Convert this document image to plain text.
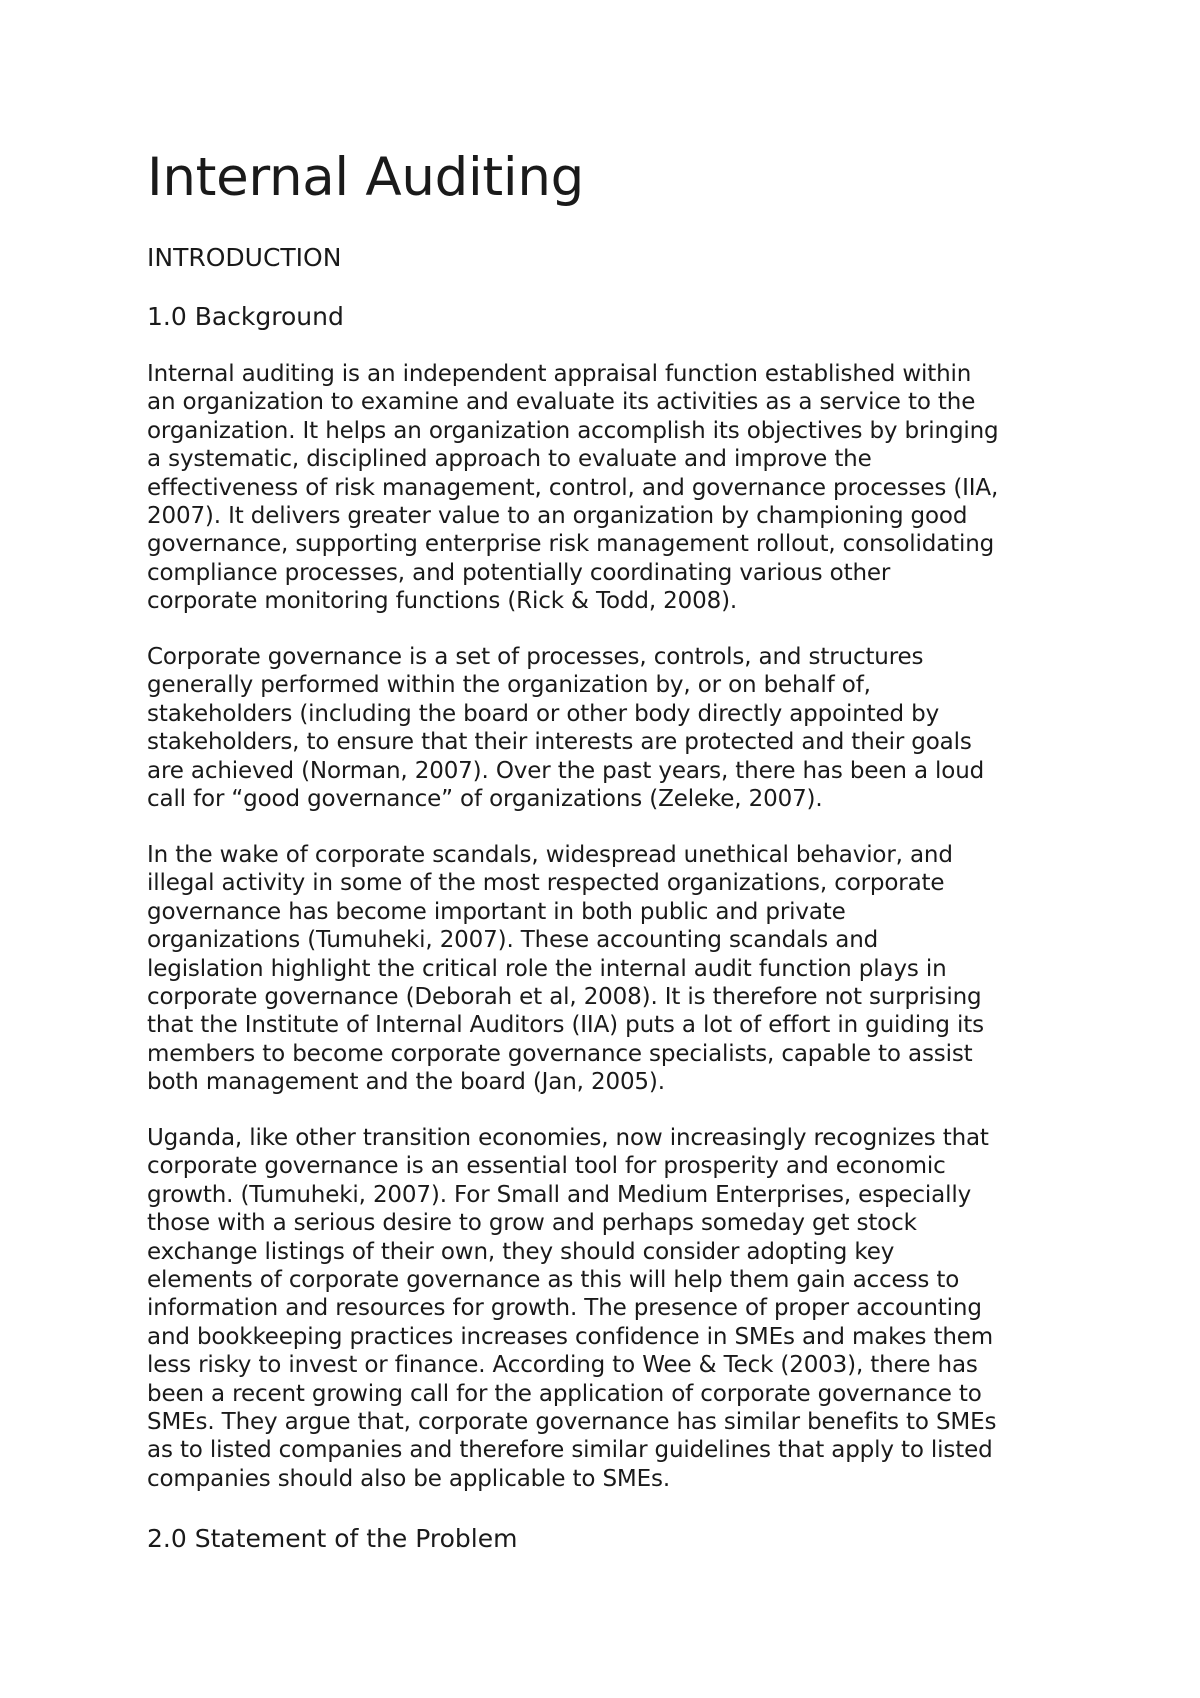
Internal Auditing
INTRODUCTION
1.0 Background

Internal auditing is an independent appraisal function established within
an organization to examine and evaluate its activities as a service to the
organization. It helps an organization accomplish its objectives by bringing
a systematic, disciplined approach to evaluate and improve the
effectiveness of risk management, control, and governance processes (IIA,
2007). It delivers greater value to an organization by championing good
governance, supporting enterprise risk management rollout, consolidating
compliance processes, and potentially coordinating various other
corporate monitoring functions (Rick & Todd, 2008).

Corporate governance is a set of processes, controls, and structures
generally performed within the organization by, or on behalf of,
stakeholders (including the board or other body directly appointed by
stakeholders, to ensure that their interests are protected and their goals
are achieved (Norman, 2007). Over the past years, there has been a loud
call for “good governance” of organizations (Zeleke, 2007).

In the wake of corporate scandals, widespread unethical behavior, and
illegal activity in some of the most respected organizations, corporate
governance has become important in both public and private
organizations (Tumuheki, 2007). These accounting scandals and
legislation highlight the critical role the internal audit function plays in
corporate governance (Deborah et al, 2008). It is therefore not surprising
that the Institute of Internal Auditors (IIA) puts a lot of effort in guiding its
members to become corporate governance specialists, capable to assist
both management and the board (Jan, 2005).

Uganda, like other transition economies, now increasingly recognizes that
corporate governance is an essential tool for prosperity and economic
growth. (Tumuheki, 2007). For Small and Medium Enterprises, especially
those with a serious desire to grow and perhaps someday get stock
exchange listings of their own, they should consider adopting key
elements of corporate governance as this will help them gain access to
information and resources for growth. The presence of proper accounting
and bookkeeping practices increases confidence in SMEs and makes them
less risky to invest or finance. According to Wee & Teck (2003), there has
been a recent growing call for the application of corporate governance to
SMEs. They argue that, corporate governance has similar benefits to SMEs
as to listed companies and therefore similar guidelines that apply to listed
companies should also be applicable to SMEs.

2.0 Statement of the Problem
